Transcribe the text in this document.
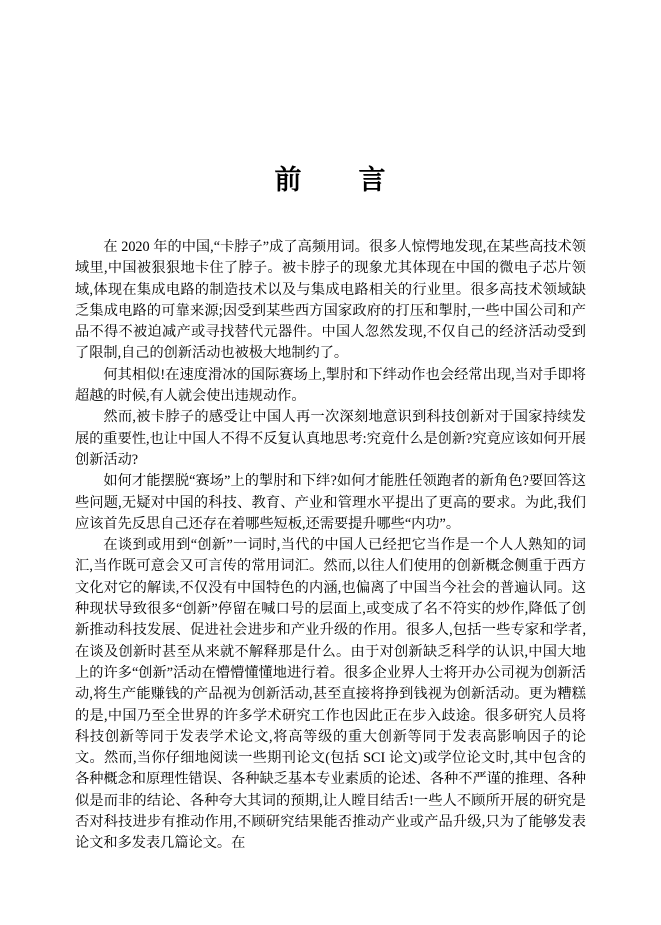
前　　言

在 2020 年的中国,“卡脖子”成了高频用词。很多人惊愕地发现,在某些高技术领域里,中国被狠狠地卡住了脖子。被卡脖子的现象尤其体现在中国的微电子芯片领域,体现在集成电路的制造技术以及与集成电路相关的行业里。很多高技术领域缺乏集成电路的可靠来源;因受到某些西方国家政府的打压和掣肘,一些中国公司和产品不得不被迫减产或寻找替代元器件。中国人忽然发现,不仅自己的经济活动受到了限制,自己的创新活动也被极大地制约了。

何其相似!在速度滑冰的国际赛场上,掣肘和下绊动作也会经常出现,当对手即将超越的时候,有人就会使出违规动作。

然而,被卡脖子的感受让中国人再一次深刻地意识到科技创新对于国家持续发展的重要性,也让中国人不得不反复认真地思考:究竟什么是创新?究竟应该如何开展创新活动?

如何才能摆脱“赛场”上的掣肘和下绊?如何才能胜任领跑者的新角色?要回答这些问题,无疑对中国的科技、教育、产业和管理水平提出了更高的要求。为此,我们应该首先反思自己还存在着哪些短板,还需要提升哪些“内功”。

在谈到或用到“创新”一词时,当代的中国人已经把它当作是一个人人熟知的词汇,当作既可意会又可言传的常用词汇。然而,以往人们使用的创新概念侧重于西方文化对它的解读,不仅没有中国特色的内涵,也偏离了中国当今社会的普遍认同。这种现状导致很多“创新”停留在喊口号的层面上,或变成了名不符实的炒作,降低了创新推动科技发展、促进社会进步和产业升级的作用。很多人,包括一些专家和学者,在谈及创新时甚至从来就不解释那是什么。由于对创新缺乏科学的认识,中国大地上的许多“创新”活动在懵懵懂懂地进行着。很多企业界人士将开办公司视为创新活动,将生产能赚钱的产品视为创新活动,甚至直接将挣到钱视为创新活动。更为糟糕的是,中国乃至全世界的许多学术研究工作也因此正在步入歧途。很多研究人员将科技创新等同于发表学术论文,将高等级的重大创新等同于发表高影响因子的论文。然而,当你仔细地阅读一些期刊论文(包括 SCI 论文)或学位论文时,其中包含的各种概念和原理性错误、各种缺乏基本专业素质的论述、各种不严谨的推理、各种似是而非的结论、各种夸大其词的预期,让人瞠目结舌!一些人不顾所开展的研究是否对科技进步有推动作用,不顾研究结果能否推动产业或产品升级,只为了能够发表论文和多发表几篇论文。在
